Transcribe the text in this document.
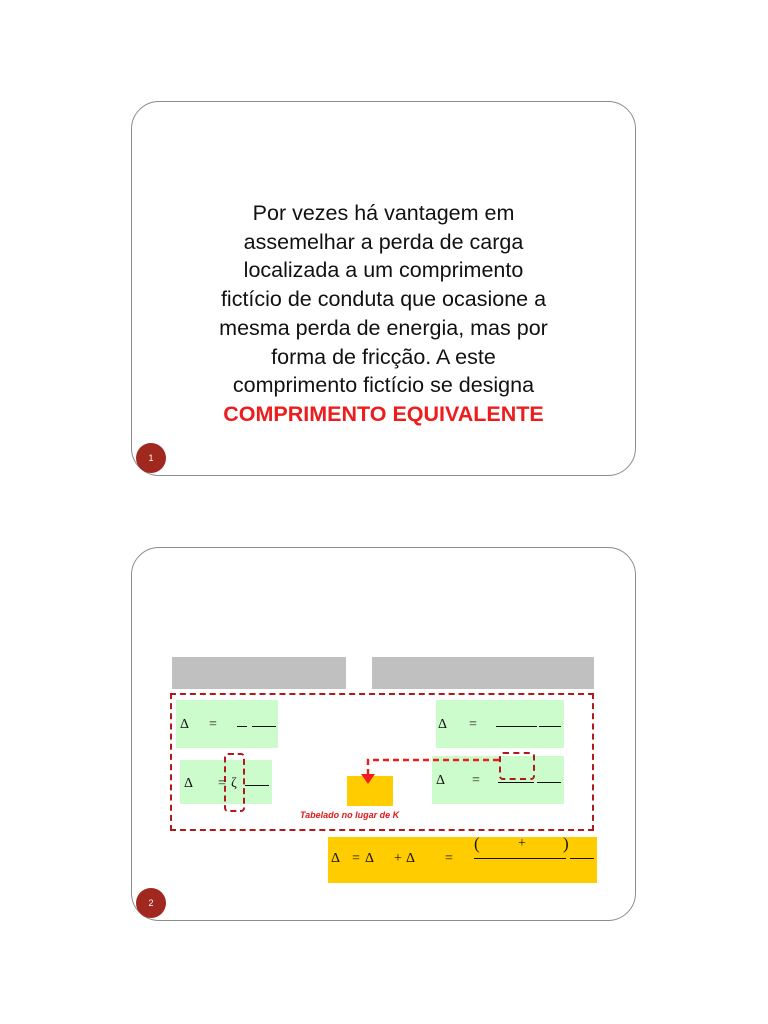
Por vezes há vantagem em
assemelhar a perda de carga
localizada a um comprimento
fictício de conduta que ocasione a
mesma perda de energia, mas por
forma de fricção. A este
comprimento fictício se designa
COMPRIMENTO EQUIVALENTE
1
Tabelado no lugar de K
Δ =
Δ = ζ
Δ =
Δ =
Δ = Δ + Δ =
(	+ )
2
